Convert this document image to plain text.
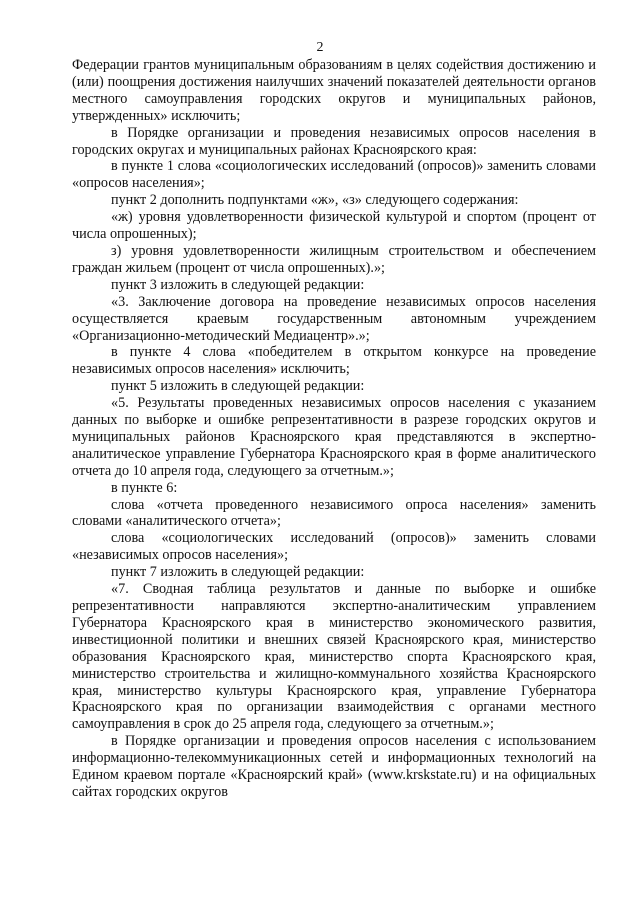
2

Федерации грантов муниципальным образованиям в целях содействия достижению и (или) поощрения достижения наилучших значений показателей деятельности органов местного самоуправления городских округов и муниципальных районов, утвержденных» исключить;

в Порядке организации и проведения независимых опросов населения в городских округах и муниципальных районах Красноярского края:

в пункте 1 слова «социологических исследований (опросов)» заменить словами «опросов населения»;

пункт 2 дополнить подпунктами «ж», «з» следующего содержания:

«ж) уровня удовлетворенности физической культурой и спортом (процент от числа опрошенных);

з) уровня удовлетворенности жилищным строительством и обеспечением граждан жильем (процент от числа опрошенных).»;

пункт 3 изложить в следующей редакции:

«3. Заключение договора на проведение независимых опросов населения осуществляется краевым государственным автономным учреждением «Организационно-методический Медиацентр».»;

в пункте 4 слова «победителем в открытом конкурсе на проведение независимых опросов населения» исключить;

пункт 5 изложить в следующей редакции:

«5. Результаты проведенных независимых опросов населения с указанием данных по выборке и ошибке репрезентативности в разрезе городских округов и муниципальных районов Красноярского края представляются в экспертно-аналитическое управление Губернатора Красноярского края в форме аналитического отчета до 10 апреля года, следующего за отчетным.»;

в пункте 6:

слова «отчета проведенного независимого опроса населения» заменить словами «аналитического отчета»;

слова «социологических исследований (опросов)» заменить словами «независимых опросов населения»;

пункт 7 изложить в следующей редакции:

«7. Сводная таблица результатов и данные по выборке и ошибке репрезентативности направляются экспертно-аналитическим управлением Губернатора Красноярского края в министерство экономического развития, инвестиционной политики и внешних связей Красноярского края, министерство образования Красноярского края, министерство спорта Красноярского края, министерство строительства и жилищно-коммунального хозяйства Красноярского края, министерство культуры Красноярского края, управление Губернатора Красноярского края по организации взаимодействия с органами местного самоуправления в срок до 25 апреля года, следующего за отчетным.»;

в Порядке организации и проведения опросов населения с использованием информационно-телекоммуникационных сетей и информационных технологий на Едином краевом портале «Красноярский край» (www.krskstate.ru) и на официальных сайтах городских округов
